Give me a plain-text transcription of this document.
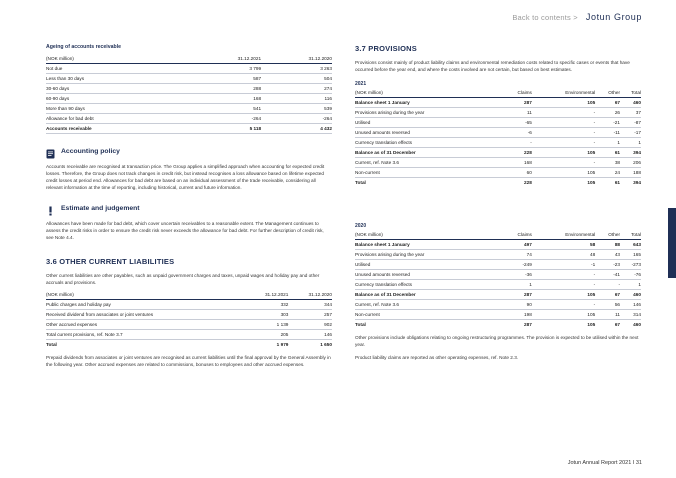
Back to contents > Jotun Group
Ageing of accounts receivable
(NOK million)	31.12.2021	31.12.2020
Not due	3 799	3 263
Less than 30 days	587	504
30-60 days	288	274
60-90 days	168	116
More than 90 days	541	539
Allowance for bad debt	-264	-264
Accounts receivable	5 118	4 432
Accounting policy

Accounts receivable are recognised at transaction price. The Group applies a simplified approach when accounting for expected credit losses. Therefore, the Group does not track changes in credit risk, but instead recognises a loss allowance based on lifetime expected credit losses at period end. Allowances for bad debt are based on an individual assessment of the trade receivable, considering all relevant information at the time of reporting, including historical, current and future information.

Estimate and judgement

Allowances have been made for bad debt, which cover uncertain receivables to a reasonable extent. The Management continues to assess the credit risks in order to ensure the credit risk never exceeds the allowance for bad debt. For further description of credit risk, see Note 4.4.

3.6 OTHER CURRENT LIABILITIES

Other current liabilities are other payables, such as unpaid government charges and taxes, unpaid wages and holiday pay and other accruals and provisions.

(NOK million)	31.12.2021	31.12.2020
Public charges and holiday pay	332	344
Received dividend from associates or joint ventures	303	257
Other accrued expenses	1 139	902
Total current provisions, ref. Note 3.7	205	146
Total	1 979	1 650

Prepaid dividends from associates or joint ventures are recognised as current liabilities until the final approval by the General Assembly in the following year. Other accrued expenses are related to commissions, bonuses to employees and other accrued expenses.

3.7 PROVISIONS

Provisions consist mainly of product liability claims and environmental remediation costs related to specific cases or events that have occurred before the year end, and where the costs involved are not certain, but based on best estimates.

2021
(NOK million)	Claims	Environmental	Other	Total
Balance sheet 1 January	287	105	67	460
Provisions arising during the year	11	-	26	37
Utilised	-65	-	-21	-87
Unused amounts reversed	-6	-	-11	-17
Currency translation effects	-	-	1	1
Balance as of 31 December	228	105	61	394
Current, ref. Note 3.6	168	-	38	206
Non-current	60	105	24	188
Total	228	105	61	394
2020
(NOK million)	Claims	Environmental	Other	Total
Balance sheet 1 January	497	58	88	643
Provisions arising during the year	74	48	43	165
Utilised	-249	-1	-23	-273
Unused amounts reversed	-36	-	-41	-76
Currency translation effects	1	-	-	1
Balance as of 31 December	287	105	67	460
Current, ref. Note 3.6	90	-	56	146
Non-current	198	105	11	314
Total	287	105	67	460

Other provisions include obligations relating to ongoing restructuring programmes. The provision is expected to be utilised within the next year.

Product liability claims are reported as other operating expenses, ref. Note 2.3.

Jotun Annual Report 2021 I 31
